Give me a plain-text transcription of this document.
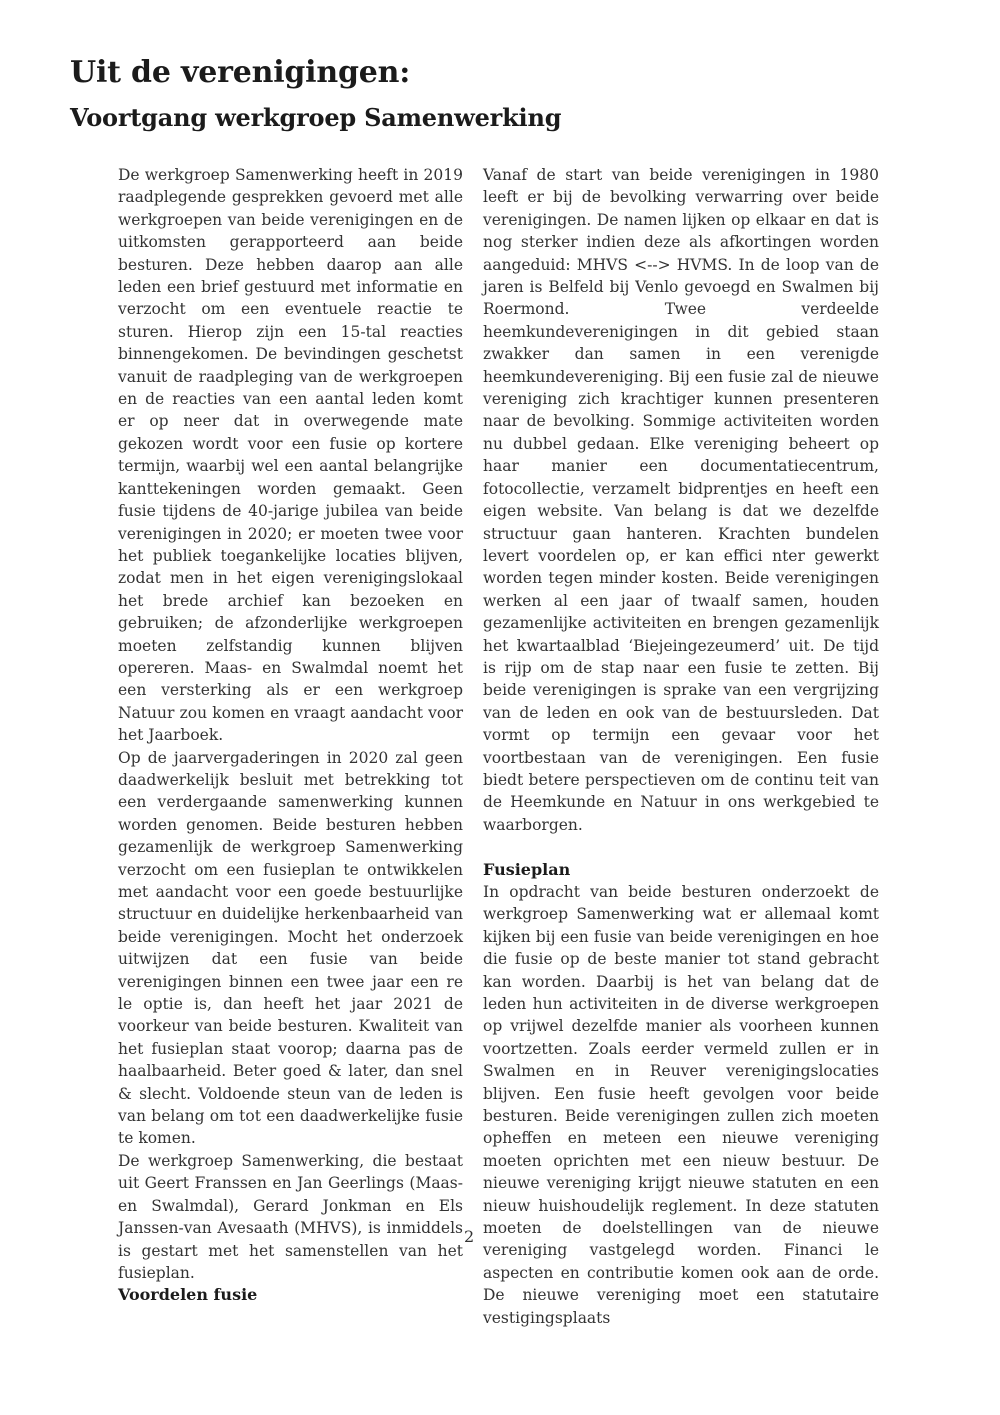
Uit de verenigingen:
Voortgang werkgroep Samenwerking

De werkgroep Samenwerking heeft in 2019 raadplegende gesprekken gevoerd met alle werkgroepen van beide verenigingen en de uitkomsten gerapporteerd aan beide besturen. Deze hebben daarop aan alle leden een brief gestuurd met informatie en verzocht om een eventuele reactie te sturen. Hierop zijn een 15-tal reacties binnengekomen. De bevindingen geschetst vanuit de raadpleging van de werkgroepen en de reacties van een aantal leden komt er op neer dat in overwegende mate gekozen wordt voor een fusie op kortere termijn, waarbij wel een aantal belangrijke kanttekeningen worden gemaakt. Geen fusie tijdens de 40-jarige jubilea van beide verenigingen in 2020; er moeten twee voor het publiek toegankelijke locaties blijven, zodat men in het eigen verenigingslokaal het brede archief kan bezoeken en gebruiken; de afzonderlijke werkgroepen moeten zelfstandig kunnen blijven opereren. Maas- en Swalmdal noemt het een versterking als er een werkgroep Natuur zou komen en vraagt aandacht voor het Jaarboek.

Op de jaarvergaderingen in 2020 zal geen daadwerkelijk besluit met betrekking tot een verdergaande samenwerking kunnen worden genomen. Beide besturen hebben gezamenlijk de werkgroep Samenwerking verzocht om een fusieplan te ontwikkelen met aandacht voor een goede bestuurlijke structuur en duidelijke herkenbaarheid van beide verenigingen. Mocht het onderzoek uitwijzen dat een fusie van beide verenigingen binnen een twee jaar een re le optie is, dan heeft het jaar 2021 de voorkeur van beide besturen. Kwaliteit van het fusieplan staat voorop; daarna pas de haalbaarheid. Beter goed & later, dan snel & slecht. Voldoende steun van de leden is van belang om tot een daadwerkelijke fusie te komen.

De werkgroep Samenwerking, die bestaat uit Geert Franssen en Jan Geerlings (Maas- en Swalmdal), Gerard Jonkman en Els Janssen-van Avesaath (MHVS), is inmiddels is gestart met het samenstellen van het fusieplan.

Voordelen fusie

Vanaf de start van beide verenigingen in 1980 leeft er bij de bevolking verwarring over beide verenigingen. De namen lijken op elkaar en dat is nog sterker indien deze als afkortingen worden aangeduid: MHVS <--> HVMS. In de loop van de jaren is Belfeld bij Venlo gevoegd en Swalmen bij Roermond. Twee verdeelde heemkundeverenigingen in dit gebied staan zwakker dan samen in een verenigde heemkundevereniging. Bij een fusie zal de nieuwe vereniging zich krachtiger kunnen presenteren naar de bevolking. Sommige activiteiten worden nu dubbel gedaan. Elke vereniging beheert op haar manier een documentatiecentrum, fotocollectie, verzamelt bidprentjes en heeft een eigen website. Van belang is dat we dezelfde structuur gaan hanteren. Krachten bundelen levert voordelen op, er kan effici nter gewerkt worden tegen minder kosten. Beide verenigingen werken al een jaar of twaalf samen, houden gezamenlijke activiteiten en brengen gezamenlijk het kwartaalblad ‘Biejeingezeumerd’ uit. De tijd is rijp om de stap naar een fusie te zetten. Bij beide verenigingen is sprake van een vergrijzing van de leden en ook van de bestuursleden. Dat vormt op termijn een gevaar voor het voortbestaan van de verenigingen. Een fusie biedt betere perspectieven om de continu teit van de Heemkunde en Natuur in ons werkgebied te waarborgen.

Fusieplan

In opdracht van beide besturen onderzoekt de werkgroep Samenwerking wat er allemaal komt kijken bij een fusie van beide verenigingen en hoe die fusie op de beste manier tot stand gebracht kan worden. Daarbij is het van belang dat de leden hun activiteiten in de diverse werkgroepen op vrijwel dezelfde manier als voorheen kunnen voortzetten. Zoals eerder vermeld zullen er in Swalmen en in Reuver verenigingslocaties blijven. Een fusie heeft gevolgen voor beide besturen. Beide verenigingen zullen zich moeten opheffen en meteen een nieuwe vereniging moeten oprichten met een nieuw bestuur. De nieuwe vereniging krijgt nieuwe statuten en een nieuw huishoudelijk reglement. In deze statuten moeten de doelstellingen van de nieuwe vereniging vastgelegd worden. Financi le aspecten en contributie komen ook aan de orde. De nieuwe vereniging moet een statutaire vestigingsplaats

2
